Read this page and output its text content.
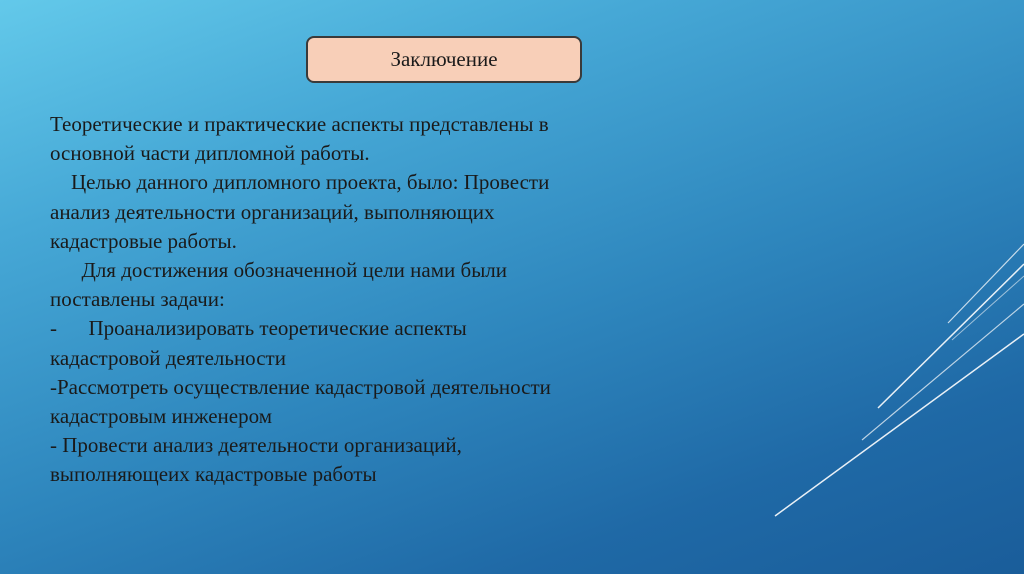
Заключение

Теоретические и практические аспекты представлены в

основной части дипломной работы.

Целью данного дипломного проекта, было: Провести

анализ деятельности организаций, выполняющих

кадастровые работы.

Для достижения обозначенной цели нами были

поставлены задачи:

-      Проанализировать теоретические аспекты

кадастровой деятельности

-Рассмотреть осуществление кадастровой деятельности

кадастровым инженером

- Провести анализ деятельности организаций,

выполняющеих кадастровые работы
